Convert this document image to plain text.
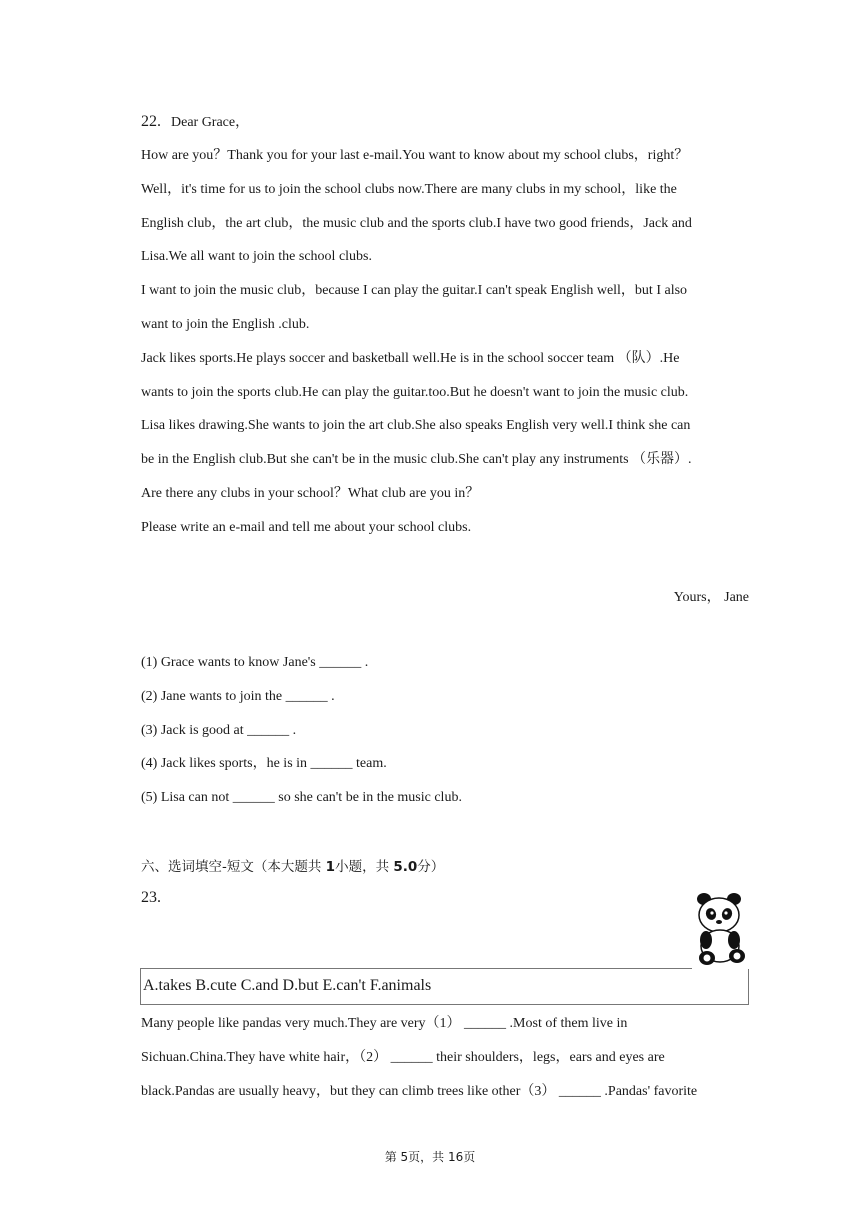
22. Dear Grace，
How are you？Thank you for your last e-mail.You want to know about my school clubs，right？
Well，it's time for us to join the school clubs now.There are many clubs in my school，like the
English club，the art club，the music club and the sports club.I have two good friends，Jack and
Lisa.We all want to join the school clubs.
I want to join the music club，because I can play the guitar.I can't speak English well，but I also
want to join the English .club.
Jack likes sports.He plays soccer and basketball well.He is in the school soccer team （队）.He
wants to join the sports club.He can play the guitar.too.But he doesn't want to join the music club.
Lisa likes drawing.She wants to join the art club.She also speaks English very well.I think she can
be in the English club.But she can't be in the music club.She can't play any instruments （乐器）.
Are there any clubs in your school？What club are you in？
Please write an e-mail and tell me about your school clubs.
Yours， Jane
(1) Grace wants to know Jane's ______ .
(2) Jane wants to join the ______ .
(3) Jack is good at ______ .
(4) Jack likes sports，he is in ______ team.
(5) Lisa can not ______ so she can't be in the music club.
六、选词填空-短文（本大题共 1小题，共 5.0分）
23.
A.takes B.cute C.and D.but E.can't F.animals
Many people like pandas very much.They are very（1） ______ .Most of them live in
Sichuan.China.They have white hair，（2） ______ their shoulders，legs，ears and eyes are
black.Pandas are usually heavy，but they can climb trees like other（3） ______ .Pandas' favorite
第 5页，共 16页
